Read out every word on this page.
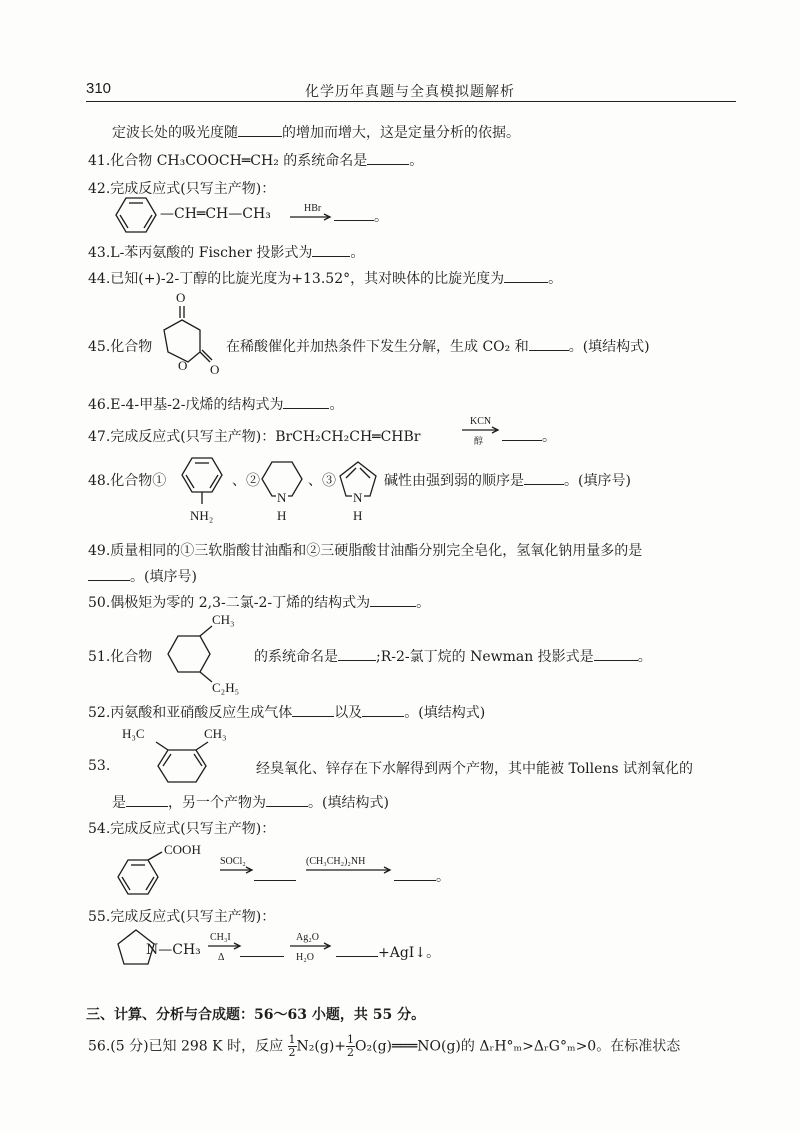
310	化学历年真题与全真模拟题解析
定波长处的吸光度随	的增加而增大，这是定量分析的依据。
41.化合物 CH₃COOCH═CH₂ 的系统命名是	。
42.完成反应式(只写主产物)：
—CH═CH—CH₃	HBr
。
43.L-苯丙氨酸的 Fischer 投影式为	。
44.已知(+)-2-丁醇的比旋光度为+13.52°，其对映体的比旋光度为	。
45.化合物
O
O O
在稀酸催化并加热条件下发生分解，生成 CO₂ 和	。(填结构式)
46.E-4-甲基-2-戊烯的结构式为	。
47.完成反应式(只写主产物)：BrCH₂CH₂CH═CHBr
KCN
醇	。
48.化合物①
NH₂
、②
N
H
、③
N
H
碱性由强到弱的顺序是	。(填序号)
49.质量相同的①三软脂酸甘油酯和②三硬脂酸甘油酯分别完全皂化，氢氧化钠用量多的是
。(填序号)
50.偶极矩为零的 2,3-二氯-2-丁烯的结构式为	。
51.化合物
CH₃
C₂H₅
的系统命名是	;R-2-氯丁烷的 Newman 投影式是	。
52.丙氨酸和亚硝酸反应生成气体	以及	。(填结构式)
53.
H₃C	CH₃
经臭氧化、锌存在下水解得到两个产物，其中能被 Tollens 试剂氧化的
是	，另一个产物为	。(填结构式)
54.完成反应式(只写主产物)：
COOH
SOCl₂	(CH₃CH₂)₂NH
。
55.完成反应式(只写主产物)：
N—CH₃
CH₃I
Δ
Ag₂O
H₂O	+AgI↓。
三、计算、分析与合成题：56～63 小题，共 55 分。
56.(5 分)已知 298 K 时，反应 $\frac{1}{2} N_2(g)+ \frac{1}{2}$ O₂(g)═══NO(g)的 ΔᵣH°ₘ>ΔᵣG°ₘ>0。在标准状态
